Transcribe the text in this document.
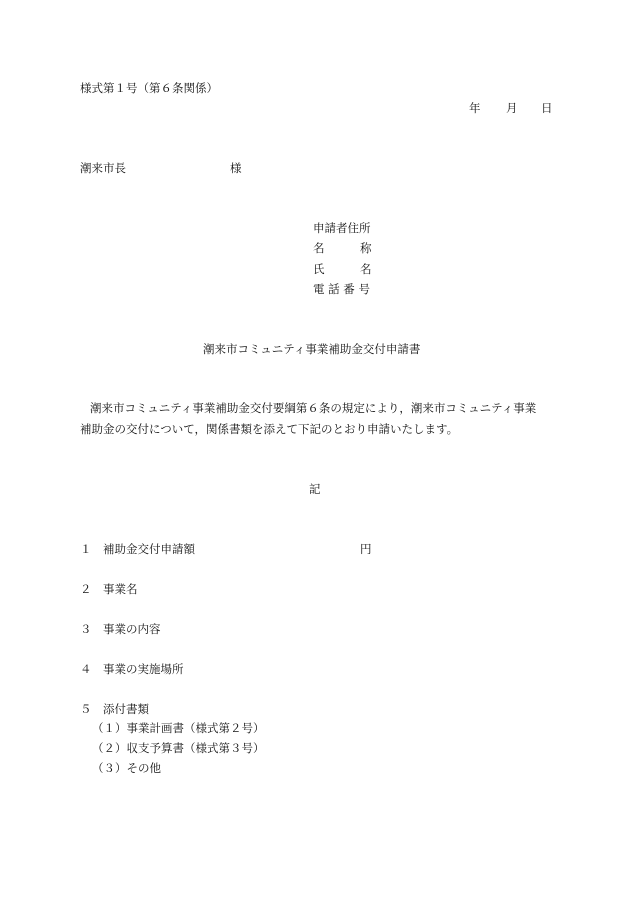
様式第１号（第６条関係）
年 月 日
潮来市長	様
申請者住所
名	称
氏	名
電 話 番 号
潮来市コミュニティ事業補助金交付申請書
潮来市コミュニティ事業補助金交付要綱第６条の規定により，潮来市コミュニティ事業
補助金の交付について，関係書類を添えて下記のとおり申請いたします。
記
１ 補助金交付申請額	円
２ 事業名
３ 事業の内容
４ 事業の実施場所
５ 添付書類
（１）事業計画書（様式第２号）
（２）収支予算書（様式第３号）
（３）その他
